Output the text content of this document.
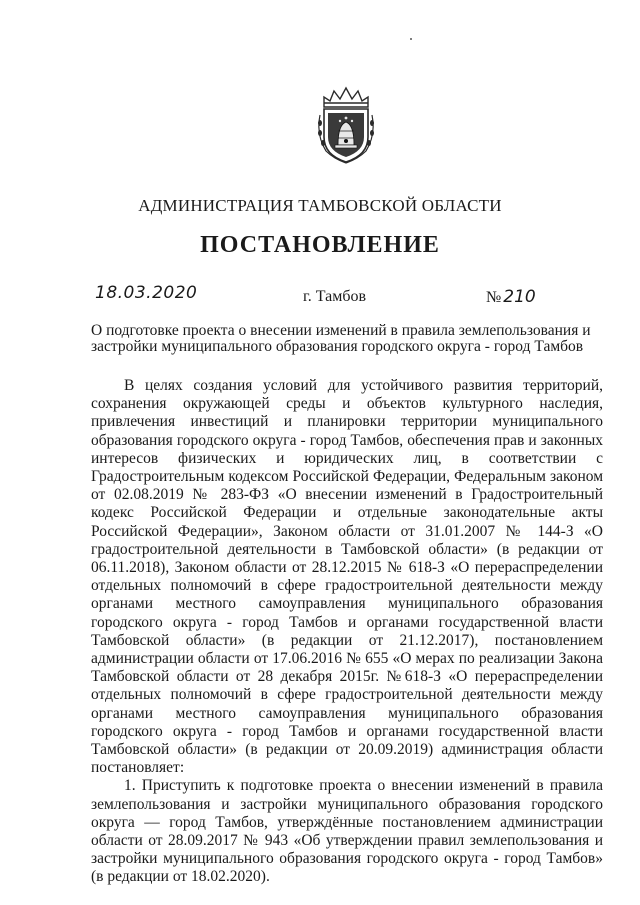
АДМИНИСТРАЦИЯ ТАМБОВСКОЙ ОБЛАСТИ
ПОСТАНОВЛЕНИЕ
18.03.2020	г. Тамбов	№ 210
О подготовке проекта о внесении изменений в правила землепользования и застройки муниципального образования городского округа - город Тамбов

В целях создания условий для устойчивого развития территорий, сохранения окружающей среды и объектов культурного наследия, привлечения инвестиций и планировки территории муниципального образования городского округа - город Тамбов, обеспечения прав и законных интересов физических и юридических лиц, в соответствии с Градостроительным кодексом Российской Федерации, Федеральным законом от 02.08.2019 № 283-ФЗ «О внесении изменений в Градостроительный кодекс Российской Федерации и отдельные законодательные акты Российской Федерации», Законом области от 31.01.2007 № 144-З «О градостроительной деятельности в Тамбовской области» (в редакции от 06.11.2018), Законом области от 28.12.2015 № 618-З «О перераспределении отдельных полномочий в сфере градостроительной деятельности между органами местного самоуправления муниципального образования городского округа - город Тамбов и органами государственной власти Тамбовской области» (в редакции от 21.12.2017), постановлением администрации области от 17.06.2016 № 655 «О мерах по реализации Закона Тамбовской области от 28 декабря 2015г. №618-З «О перераспределении отдельных полномочий в сфере градостроительной деятельности между органами местного самоуправления муниципального образования городского округа - город Тамбов и органами государственной власти Тамбовской области» (в редакции от 20.09.2019) администрация области постановляет:

1. Приступить к подготовке проекта о внесении изменений в правила землепользования и застройки муниципального образования городского округа — город Тамбов, утверждённые постановлением администрации области от 28.09.2017 № 943 «Об утверждении правил землепользования и застройки муниципального образования городского округа - город Тамбов» (в редакции от 18.02.2020).
